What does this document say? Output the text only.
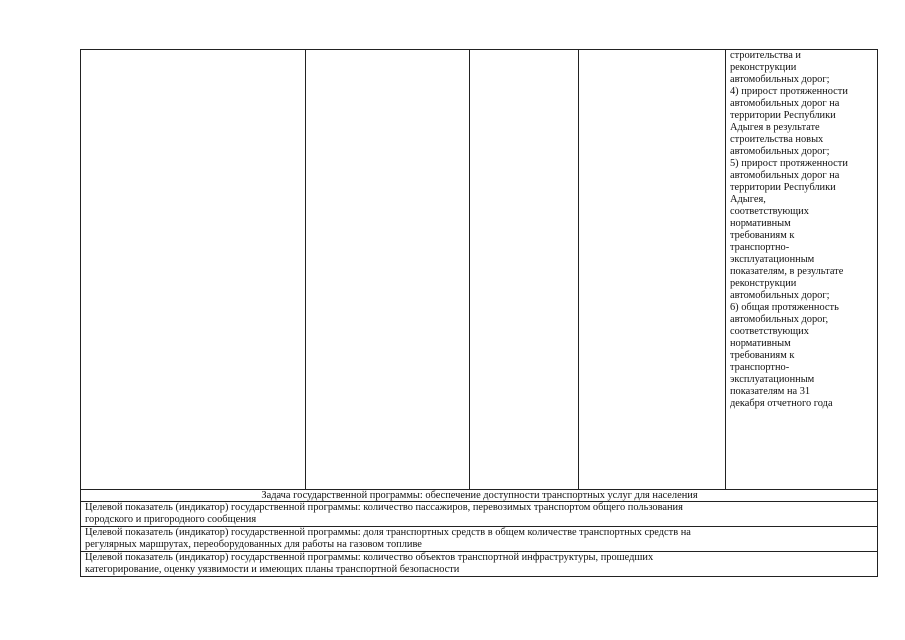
строительства и
реконструкции
автомобильных дорог;
4) прирост протяженности
автомобильных дорог на
территории Республики
Адыгея в результате
строительства новых
автомобильных дорог;
5) прирост протяженности
автомобильных дорог на
территории Республики
Адыгея,
соответствующих
нормативным
требованиям к
транспортно-
эксплуатационным
показателям, в результате
реконструкции
автомобильных дорог;
6) общая протяженность
автомобильных дорог,
соответствующих
нормативным
требованиям к
транспортно-
эксплуатационным
показателям на 31
декабря отчетного года

Задача государственной программы: обеспечение доступности транспортных услуг для населения

Целевой показатель (индикатор) государственной программы: количество пассажиров, перевозимых транспортом общего пользования
городского и пригородного сообщения

Целевой показатель (индикатор) государственной программы: доля транспортных средств в общем количестве транспортных средств на
регулярных маршрутах, переоборудованных для работы на газовом топливе

Целевой показатель (индикатор) государственной программы: количество объектов транспортной инфраструктуры, прошедших
категорирование, оценку уязвимости и имеющих планы транспортной безопасности
